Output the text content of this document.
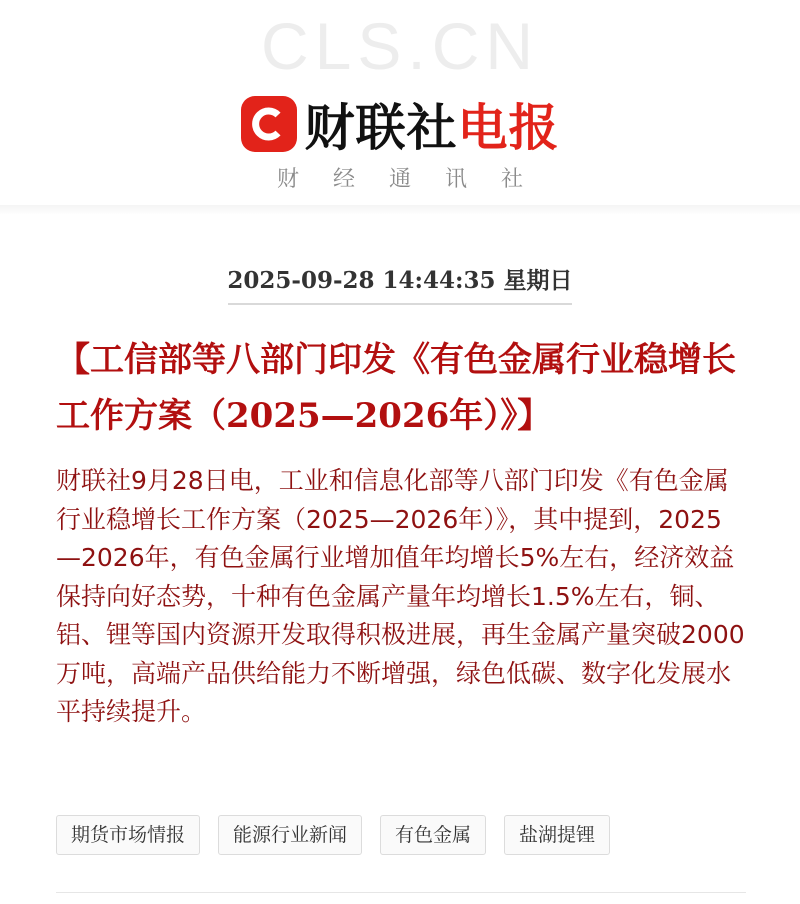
CLS.CN
财联社电报
财经通讯社
2025-09-28 14:44:35 星期日
【工信部等八部门印发《有色金属行业稳增长工作方案（2025—2026年）》】

财联社9月28日电，工业和信息化部等八部门印发《有色金属行业稳增长工作方案（2025—2026年）》，其中提到，2025—2026年，有色金属行业增加值年均增长5%左右，经济效益保持向好态势，十种有色金属产量年均增长1.5%左右，铜、铝、锂等国内资源开发取得积极进展，再生金属产量突破2000万吨，高端产品供给能力不断增强，绿色低碳、数字化发展水平持续提升。

期货市场情报	能源行业新闻	有色金属	盐湖提锂
